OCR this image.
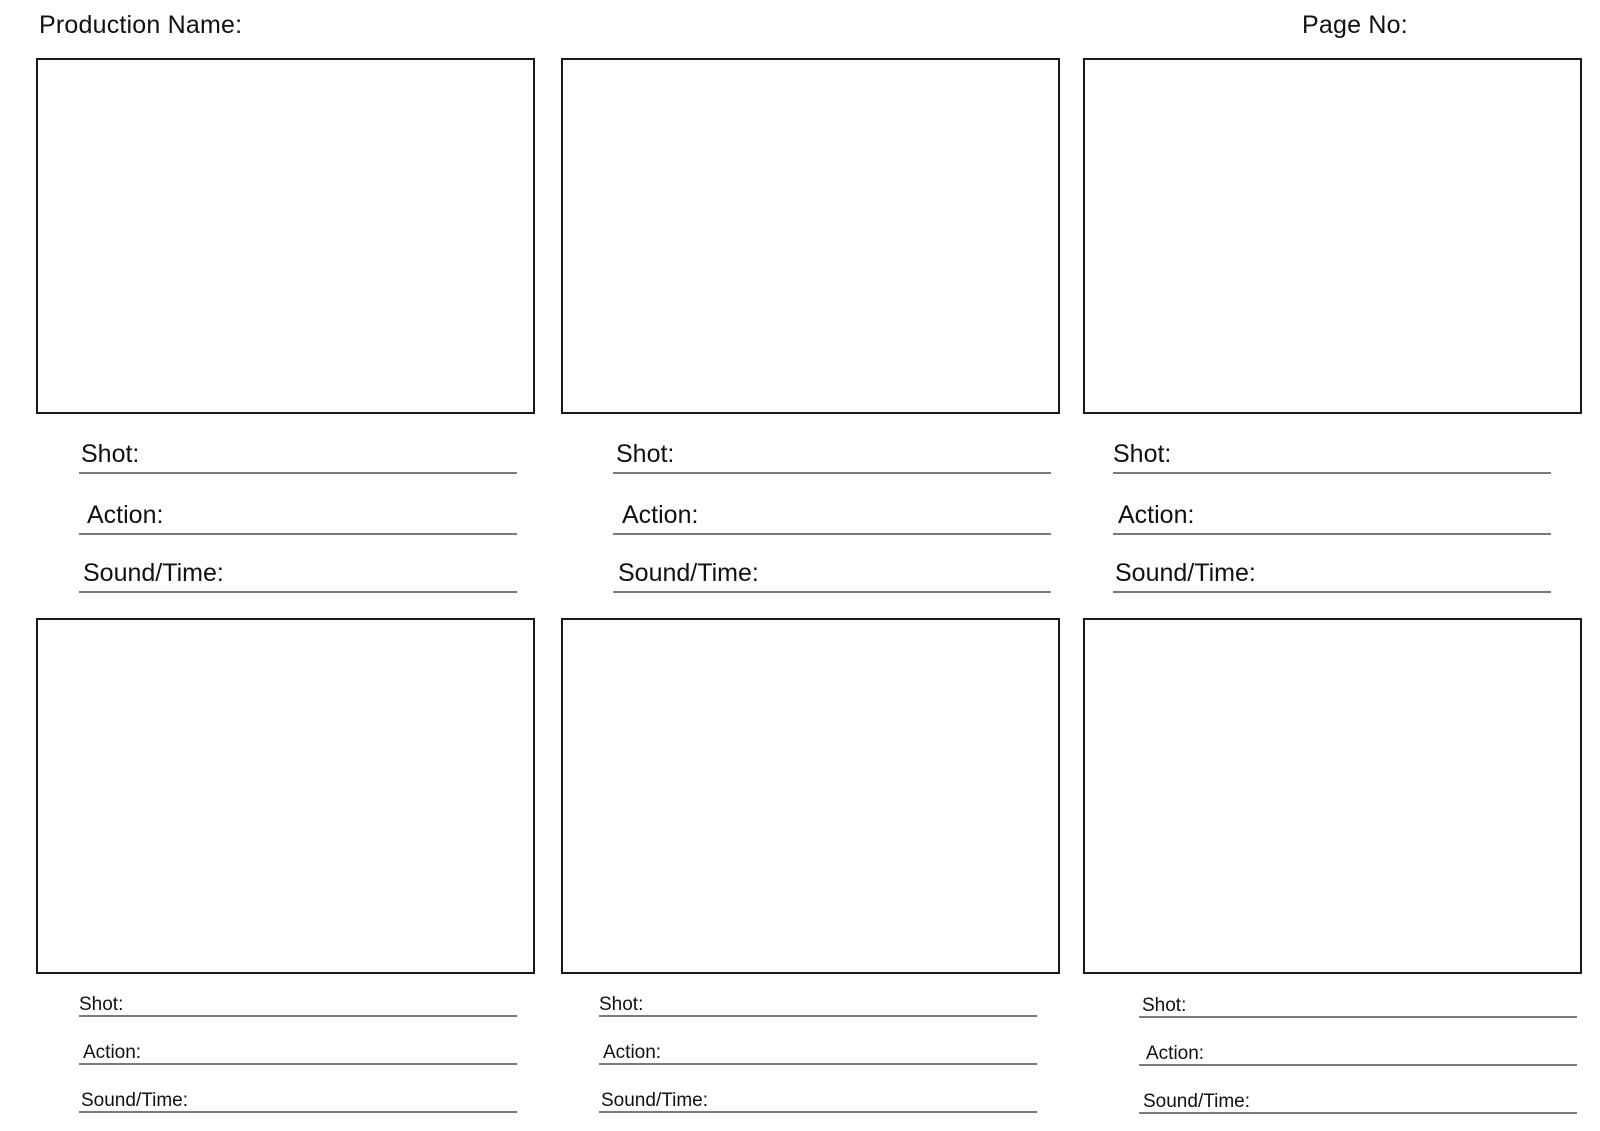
Production Name:	Page No:
Shot:
Action:
Sound/Time:
Shot:
Action:
Sound/Time:
Shot:
Action:
Sound/Time:
Shot:
Action:
Sound/Time:
Shot:
Action:
Sound/Time:
Shot:
Action:
Sound/Time:
